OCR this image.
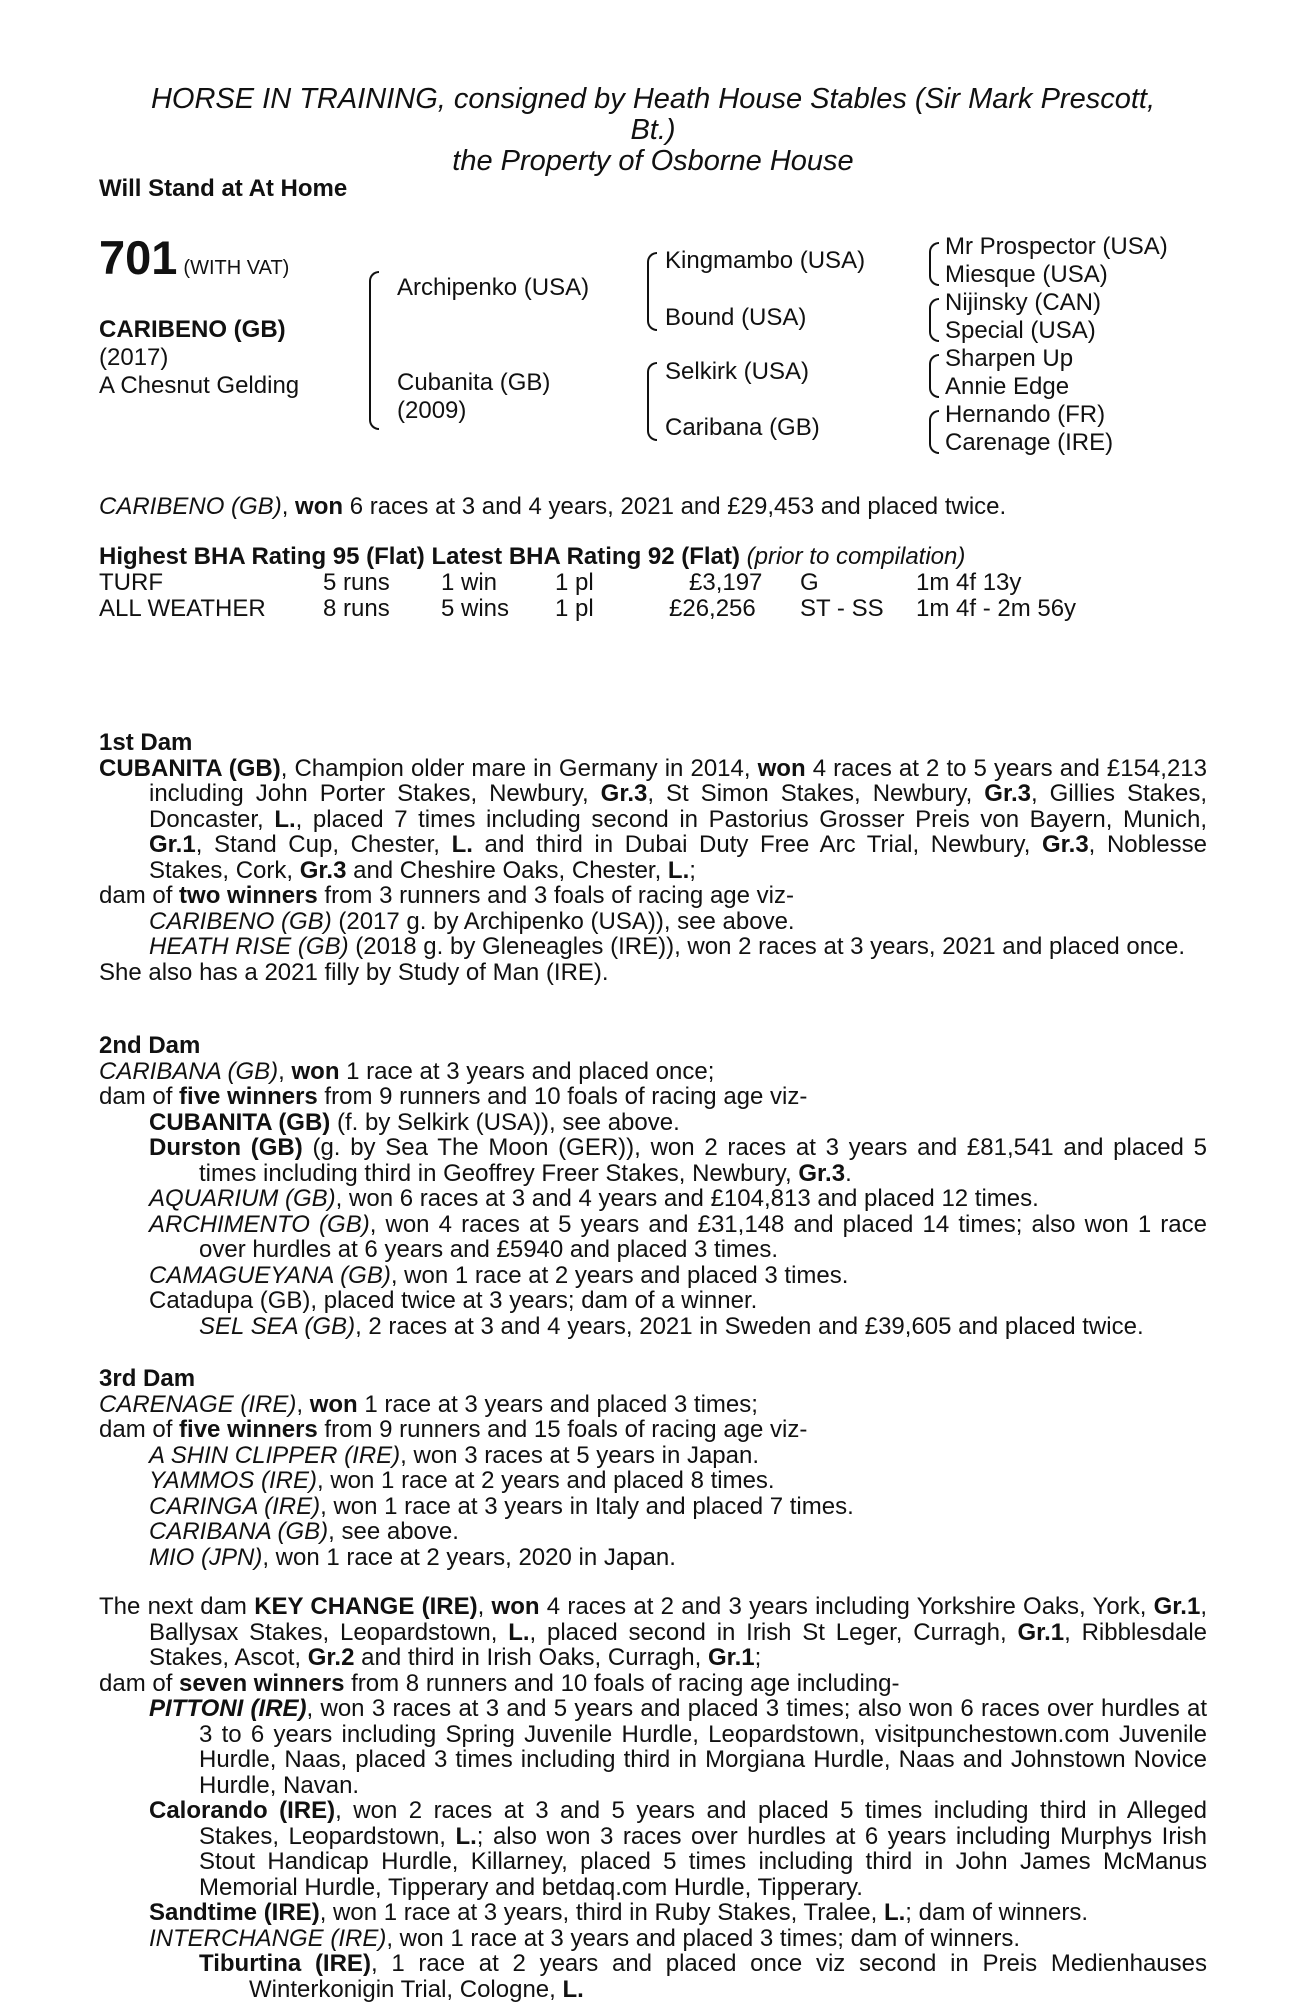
HORSE IN TRAINING, consigned by Heath House Stables (Sir Mark Prescott,
Bt.)
the Property of Osborne House
Will Stand at At Home
701 (WITH VAT)
CARIBENO (GB)
(2017)
A Chesnut Gelding
Archipenko (USA)
Cubanita (GB)
(2009)
Kingmambo (USA)
Bound (USA)
Selkirk (USA)
Caribana (GB)
Mr Prospector (USA)
Miesque (USA)
Nijinsky (CAN)
Special (USA)
Sharpen Up
Annie Edge
Hernando (FR)
Carenage (IRE)
CARIBENO (GB), won 6 races at 3 and 4 years, 2021 and £29,453 and placed twice.
Highest BHA Rating 95 (Flat) Latest BHA Rating 92 (Flat) (prior to compilation)
TURF	5 runs 1 win 1 pl	£3,197 G	1m 4f 13y
ALL WEATHER 8 runs 5 wins 1 pl	£26,256 ST - SS 1m 4f - 2m 56y
1st Dam

CUBANITA (GB), Champion older mare in Germany in 2014, won 4 races at 2 to 5 years and £154,213 including John Porter Stakes, Newbury, Gr.3, St Simon Stakes, Newbury, Gr.3, Gillies Stakes, Doncaster, L., placed 7 times including second in Pastorius Grosser Preis von Bayern, Munich, Gr.1, Stand Cup, Chester, L. and third in Dubai Duty Free Arc Trial, Newbury, Gr.3, Noblesse Stakes, Cork, Gr.3 and Cheshire Oaks, Chester, L.;

dam of two winners from 3 runners and 3 foals of racing age viz-

CARIBENO (GB) (2017 g. by Archipenko (USA)), see above.

HEATH RISE (GB) (2018 g. by Gleneagles (IRE)), won 2 races at 3 years, 2021 and placed once.

She also has a 2021 filly by Study of Man (IRE).

2nd Dam

CARIBANA (GB), won 1 race at 3 years and placed once;

dam of five winners from 9 runners and 10 foals of racing age viz-

CUBANITA (GB) (f. by Selkirk (USA)), see above.

Durston (GB) (g. by Sea The Moon (GER)), won 2 races at 3 years and £81,541 and placed 5 times including third in Geoffrey Freer Stakes, Newbury, Gr.3.

AQUARIUM (GB), won 6 races at 3 and 4 years and £104,813 and placed 12 times.

ARCHIMENTO (GB), won 4 races at 5 years and £31,148 and placed 14 times; also won 1 race over hurdles at 6 years and £5940 and placed 3 times.

CAMAGUEYANA (GB), won 1 race at 2 years and placed 3 times.

Catadupa (GB), placed twice at 3 years; dam of a winner.

SEL SEA (GB), 2 races at 3 and 4 years, 2021 in Sweden and £39,605 and placed twice.

3rd Dam

CARENAGE (IRE), won 1 race at 3 years and placed 3 times;

dam of five winners from 9 runners and 15 foals of racing age viz-

A SHIN CLIPPER (IRE), won 3 races at 5 years in Japan.

YAMMOS (IRE), won 1 race at 2 years and placed 8 times.

CARINGA (IRE), won 1 race at 3 years in Italy and placed 7 times.

CARIBANA (GB), see above.

MIO (JPN), won 1 race at 2 years, 2020 in Japan.

The next dam KEY CHANGE (IRE), won 4 races at 2 and 3 years including Yorkshire Oaks, York, Gr.1, Ballysax Stakes, Leopardstown, L., placed second in Irish St Leger, Curragh, Gr.1, Ribblesdale Stakes, Ascot, Gr.2 and third in Irish Oaks, Curragh, Gr.1;

dam of seven winners from 8 runners and 10 foals of racing age including-

PITTONI (IRE), won 3 races at 3 and 5 years and placed 3 times; also won 6 races over hurdles at 3 to 6 years including Spring Juvenile Hurdle, Leopardstown, visitpunchestown.com Juvenile Hurdle, Naas, placed 3 times including third in Morgiana Hurdle, Naas and Johnstown Novice Hurdle, Navan.

Calorando (IRE), won 2 races at 3 and 5 years and placed 5 times including third in Alleged Stakes, Leopardstown, L.; also won 3 races over hurdles at 6 years including Murphys Irish Stout Handicap Hurdle, Killarney, placed 5 times including third in John James McManus Memorial Hurdle, Tipperary and betdaq.com Hurdle, Tipperary.

Sandtime (IRE), won 1 race at 3 years, third in Ruby Stakes, Tralee, L.; dam of winners.

INTERCHANGE (IRE), won 1 race at 3 years and placed 3 times; dam of winners.

Tiburtina (IRE), 1 race at 2 years and placed once viz second in Preis Medienhauses Winterkonigin Trial, Cologne, L.
